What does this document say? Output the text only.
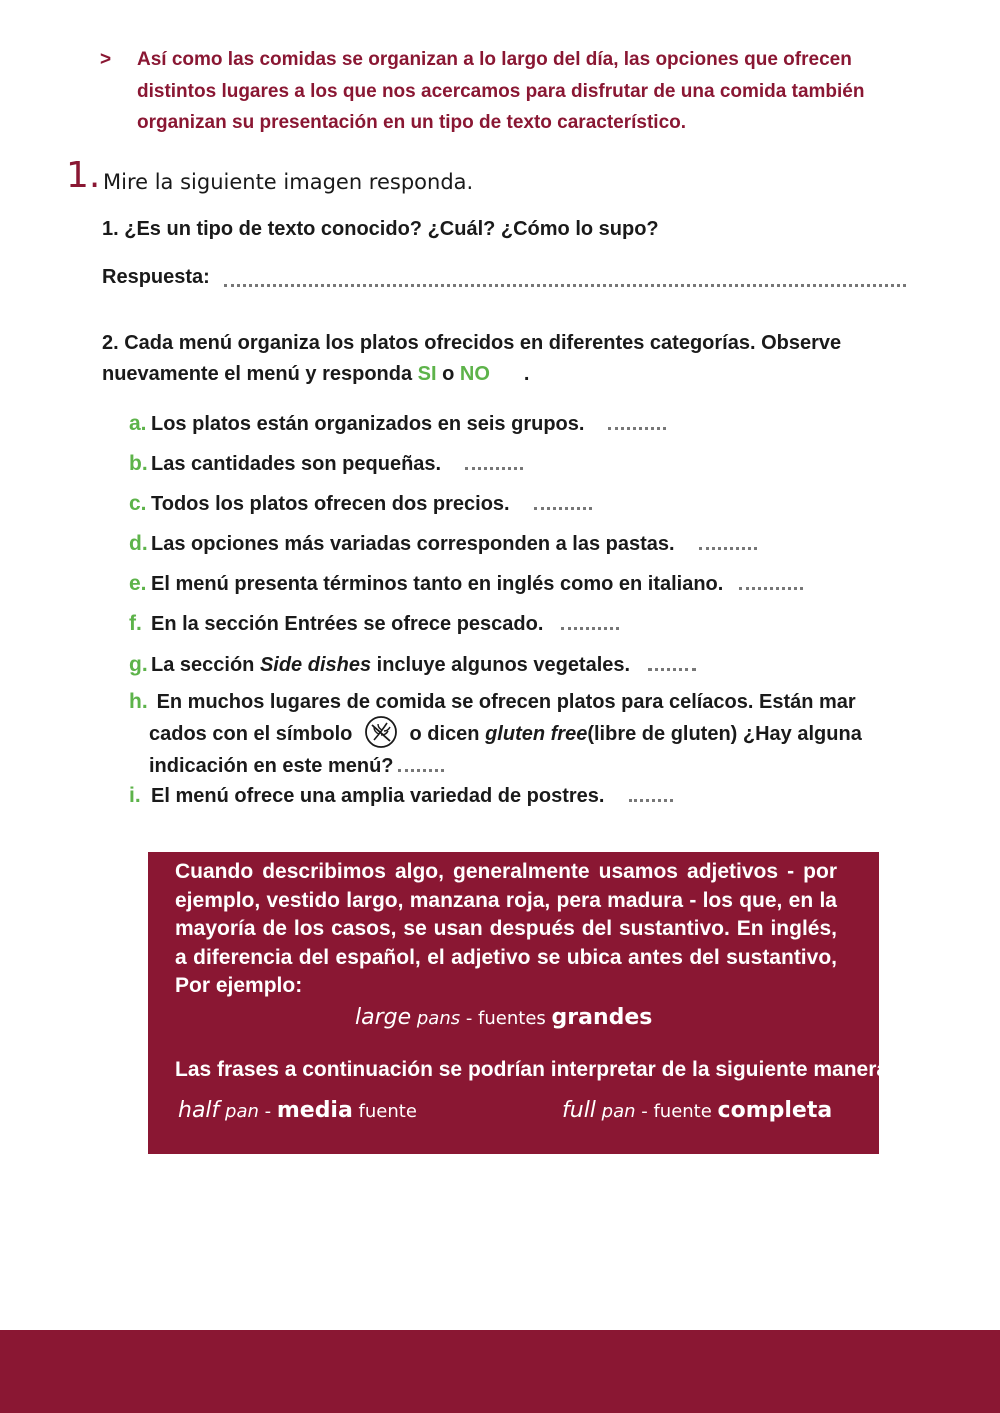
> Así como las comidas se organizan a lo largo del día, las opciones que ofrecen
distintos lugares a los que nos acercamos para disfrutar de una comida también
organizan su presentación en un tipo de texto característico.
1. Mire la siguiente imagen responda.
1. ¿Es un tipo de texto conocido? ¿Cuál? ¿Cómo lo supo?
Respuesta:
2. Cada menú organiza los platos ofrecidos en diferentes categorías. Observe
nuevamente el menú y responda SI o NO .
a. Los platos están organizados en seis grupos.
b. Las cantidades son pequeñas.
c. Todos los platos ofrecen dos precios.
d. Las opciones más variadas corresponden a las pastas.
e. El menú presenta términos tanto en inglés como en italiano.
f. En la sección Entrées se ofrece pescado.
g. La sección Side dishes incluye algunos vegetales.
h. En muchos lugares de comida se ofrecen platos para celíacos. Están mar
cados con el símbolo	o dicen gluten free(libre de gluten) ¿Hay alguna
indicación en este menú?
i. El menú ofrece una amplia variedad de postres.
Cuando describimos algo, generalmente usamos adjetivos - por ejemplo, vestido largo, manzana roja, pera madura - los que, en la mayoría de los casos, se usan después del sustantivo. En inglés, a diferencia del español, el adjetivo se ubica antes del sustantivo, Por ejemplo:
large pans - fuentes grandes
Las frases a continuación se podrían interpretar de la siguiente manera:
half pan - media fuente	full pan - fuente completa
